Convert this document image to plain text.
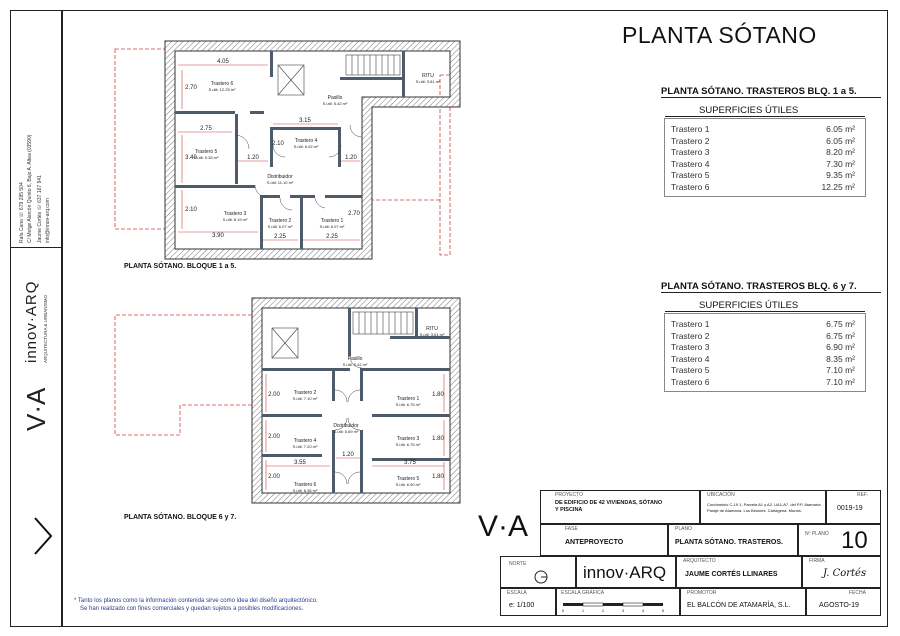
Rafa Cano ☏ 679 285 504 C/ Metge Alarcón Quinto 6, Bajo A. Altea (03590) Jaume Cortés ☏ 637 167 941 info@innov-arq.com
innov·ARQ ARQUITECTURA & URBANISMO
V·A
PLANTA SÓTANO
PLANTA SÓTANO. TRASTEROS BLQ. 1 a 5.
SUPERFICIES ÚTILES
Trastero 1	6.05 m²
Trastero 2	6.05 m²
Trastero 3	8.20 m²
Trastero 4	7.30 m²
Trastero 5	9.35 m²
Trastero 6	12.25 m²
PLANTA SÓTANO. TRASTEROS BLQ. 6 y 7.
SUPERFICIES ÚTILES
Trastero 1	6.75 m²
Trastero 2	6.75 m²
Trastero 3	6.90 m²
Trastero 4	8.35 m²
Trastero 5	7.10 m²
Trastero 6	7.10 m²
4.05
2.70
2.75
3.15
3.40
2.10
1.20	1.20
2.10
3.90	2.25	2.25
2.70
Trastero 6
S.útil: 12.25 m²
Pasillo
S.útil: 5.42 m²
RITU
S.útil: 3.61 m²
Trastero 5
S.útil: 9.35 m²
Trastero 4
S.útil: 6.02 m²
Distribuidor
S.útil: 11.10 m²
Trastero 3
S.útil: 8.19 m²	Trastero 2
S.útil: 6.07 m²
Trastero 1
S.útil: 6.07 m²
PLANTA SÓTANO. BLOQUE 1 a 5.
2.00	1.80
2.00	1.80
3.55
1.20
3.75
2.00	1.80
RITU
S.útil: 3.61 m²
Pasillo
S.útil: 5.42 m²
Trastero 2
S.útil: 7.10 m²	Trastero 1
S.útil: 6.75 m²
Distribuidor
S.útil: 5.69 m²
Trastero 4
S.útil: 7.20 m²
Trastero 3
S.útil: 6.75 m²
Trastero 6
S.útil: 8.36 m²
Trastero 5
S.útil: 6.90 m²
PLANTA SÓTANO. BLOQUE 6 y 7.
* Tanto los planos como la información contenida sirve como idea del diseño arquitectónico.
Se han realizado con fines comerciales y quedan sujetos a posibles modificaciones.
V·A
PROYECTO
DE EDIFICIO DE 42 VIVIENDAS, SÓTANO
Y PISCINA
UBICACIÓN
Condominio C-19.1, Parcela A1 y A2. UA1-A7. del P.P. Atamaría.
Paraje de Atamaría. Los Belones. Cartagena. Murcia.
REF.
0019-19
FASE
ANTEPROYECTO
PLANO
PLANTA SÓTANO. TRASTEROS.
Nº PLANO 10
NORTE	innov·ARQ
ARQUITECTO
JAUME CORTÉS LLINARES
FIRMA
J. Cortés
ESCALA
e: 1/100
ESCALA GRÁFICA
0	1	2	3	4	5
PROMOTOR
EL BALCÓN DE ATAMARÍA, S.L.
FECHA
AGOSTO-19
